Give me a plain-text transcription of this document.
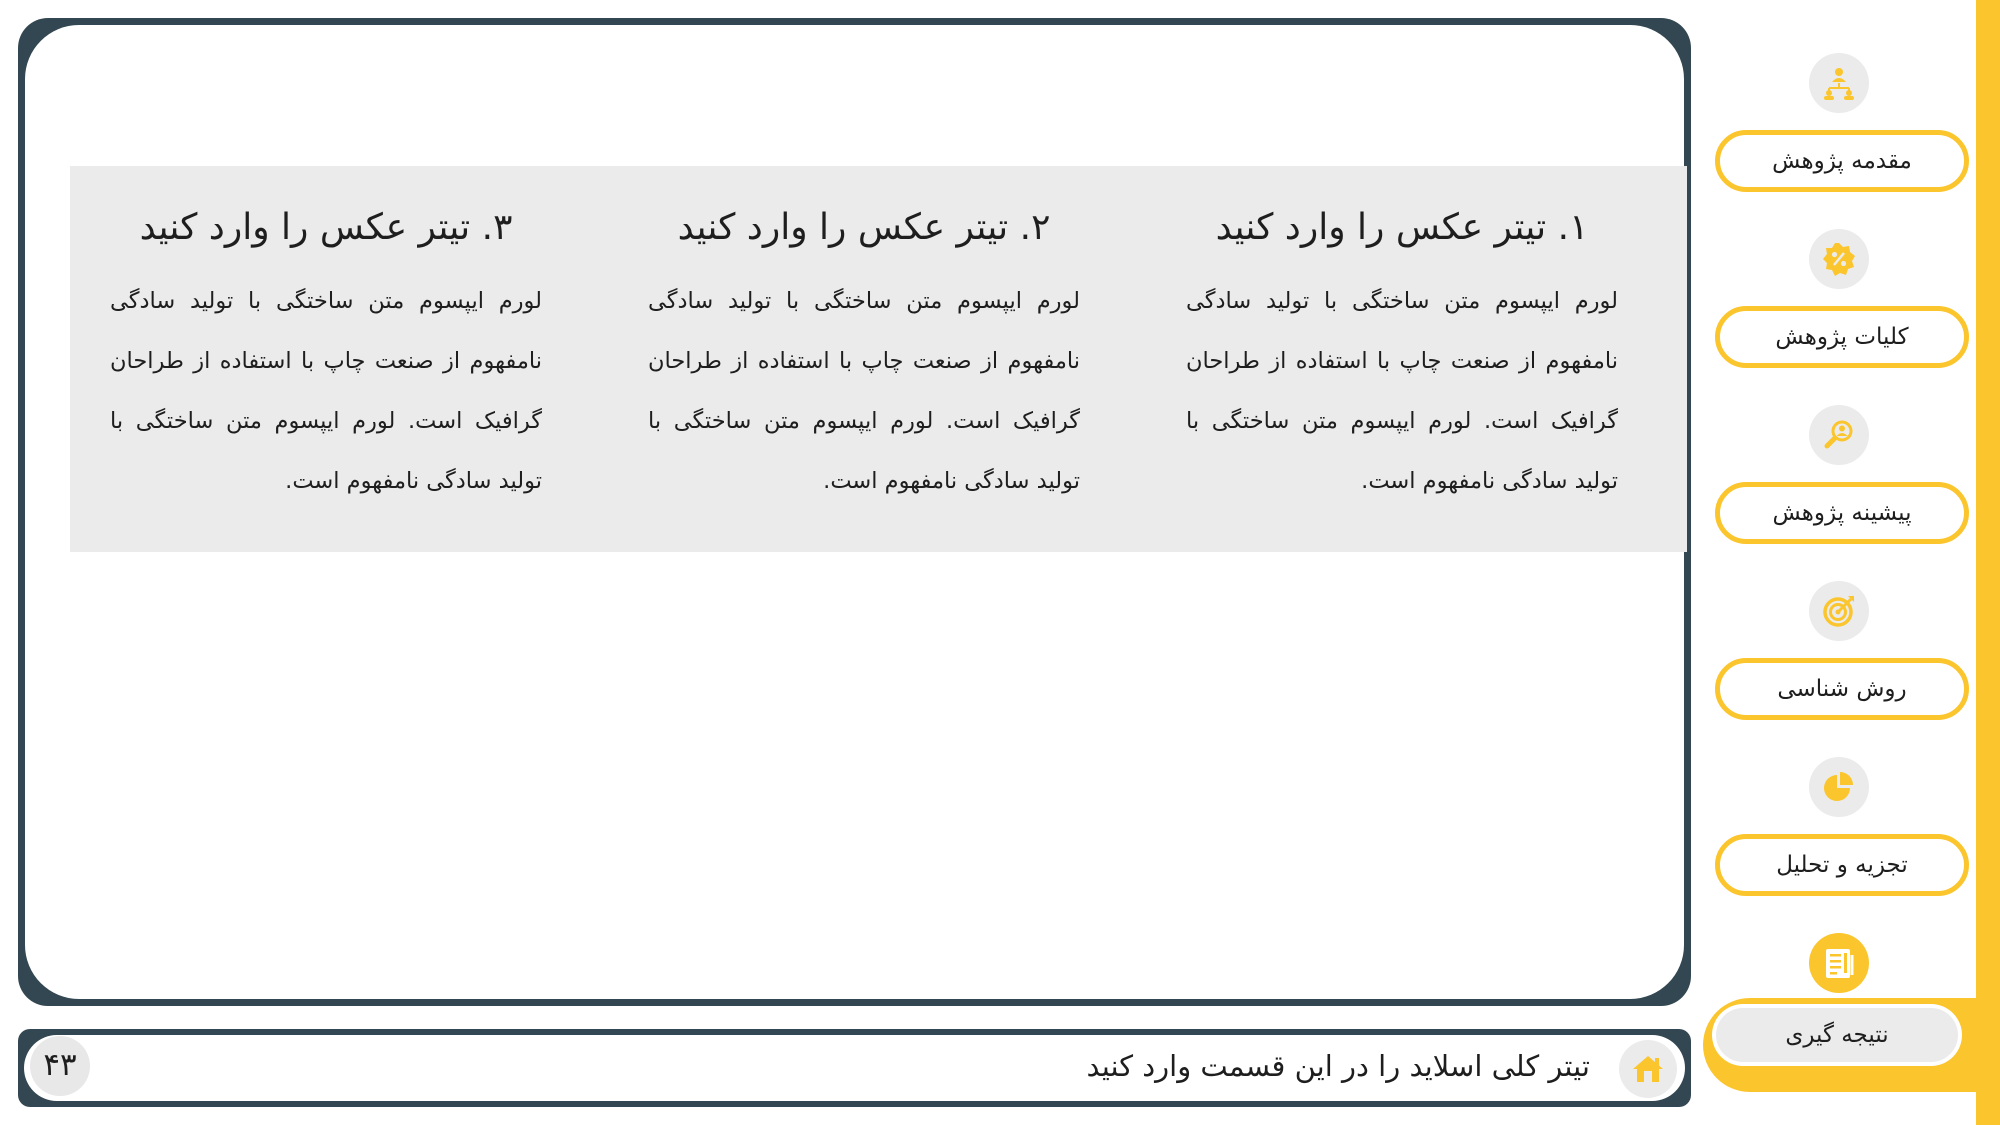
۱. تیتر عکس را وارد کنید

لورم ایپسوم متن ساختگی با تولید سادگی نامفهوم از صنعت چاپ با استفاده از طراحان گرافیک است. لورم ایپسوم متن ساختگی با تولید سادگی نامفهوم است.

۲. تیتر عکس را وارد کنید

لورم ایپسوم متن ساختگی با تولید سادگی نامفهوم از صنعت چاپ با استفاده از طراحان گرافیک است. لورم ایپسوم متن ساختگی با تولید سادگی نامفهوم است.

۳. تیتر عکس را وارد کنید

لورم ایپسوم متن ساختگی با تولید سادگی نامفهوم از صنعت چاپ با استفاده از طراحان گرافیک است. لورم ایپسوم متن ساختگی با تولید سادگی نامفهوم است.

تیتر کلی اسلاید را در این قسمت وارد کنید
۴۳
مقدمه پژوهش
کلیات پژوهش
پیشینه پژوهش
روش شناسی
تجزیه و تحلیل
نتیجه گیری
